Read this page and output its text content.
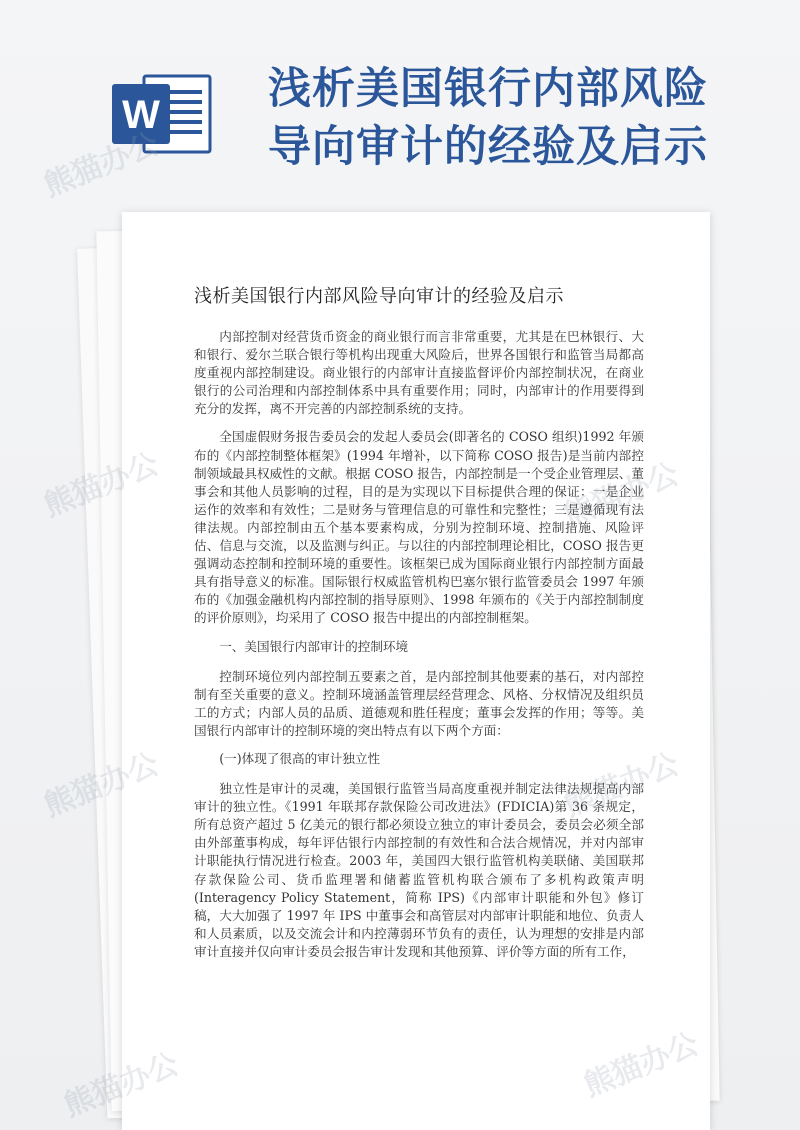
W
浅析美国银行内部风险
导向审计的经验及启示
浅析美国银行内部风险导向审计的经验及启示

内部控制对经营货币资金的商业银行而言非常重要，尤其是在巴林银行、大和银行、爱尔兰联合银行等机构出现重大风险后，世界各国银行和监管当局都高度重视内部控制建设。商业银行的内部审计直接监督评价内部控制状况，在商业银行的公司治理和内部控制体系中具有重要作用；同时，内部审计的作用要得到充分的发挥，离不开完善的内部控制系统的支持。

全国虚假财务报告委员会的发起人委员会(即著名的 COSO 组织)1992 年颁布的《内部控制整体框架》(1994 年增补，以下简称 COSO 报告)是当前内部控制领域最具权威性的文献。根据 COSO 报告，内部控制是一个受企业管理层、董事会和其他人员影响的过程，目的是为实现以下目标提供合理的保证：一是企业运作的效率和有效性；二是财务与管理信息的可靠性和完整性；三是遵循现有法律法规。内部控制由五个基本要素构成，分别为控制环境、控制措施、风险评估、信息与交流，以及监测与纠正。与以往的内部控制理论相比，COSO 报告更强调动态控制和控制环境的重要性。该框架已成为国际商业银行内部控制方面最具有指导意义的标准。国际银行权威监管机构巴塞尔银行监管委员会 1997 年颁布的《加强金融机构内部控制的指导原则》、1998 年颁布的《关于内部控制制度的评价原则》，均采用了 COSO 报告中提出的内部控制框架。

一、美国银行内部审计的控制环境

控制环境位列内部控制五要素之首，是内部控制其他要素的基石，对内部控制有至关重要的意义。控制环境涵盖管理层经营理念、风格、分权情况及组织员工的方式；内部人员的品质、道德观和胜任程度；董事会发挥的作用；等等。美国银行内部审计的控制环境的突出特点有以下两个方面：

(一)体现了很高的审计独立性

独立性是审计的灵魂，美国银行监管当局高度重视并制定法律法规提高内部审计的独立性。《1991 年联邦存款保险公司改进法》(FDICIA)第 36 条规定，所有总资产超过 5 亿美元的银行都必须设立独立的审计委员会，委员会必须全部由外部董事构成，每年评估银行内部控制的有效性和合法合规情况，并对内部审计职能执行情况进行检查。2003 年，美国四大银行监管机构美联储、美国联邦存款保险公司、货币监理署和储蓄监管机构联合颁布了多机构政策声明(Interagency Policy Statement，简称 IPS)《内部审计职能和外包》修订稿，大大加强了 1997 年 IPS 中董事会和高管层对内部审计职能和地位、负责人和人员素质，以及交流会计和内控薄弱环节负有的责任，认为理想的安排是内部审计直接并仅向审计委员会报告审计发现和其他预算、评价等方面的所有工作，

熊猫办公
熊猫办公	熊猫办公
熊猫办公	熊猫办公
熊猫办公	熊猫办公
